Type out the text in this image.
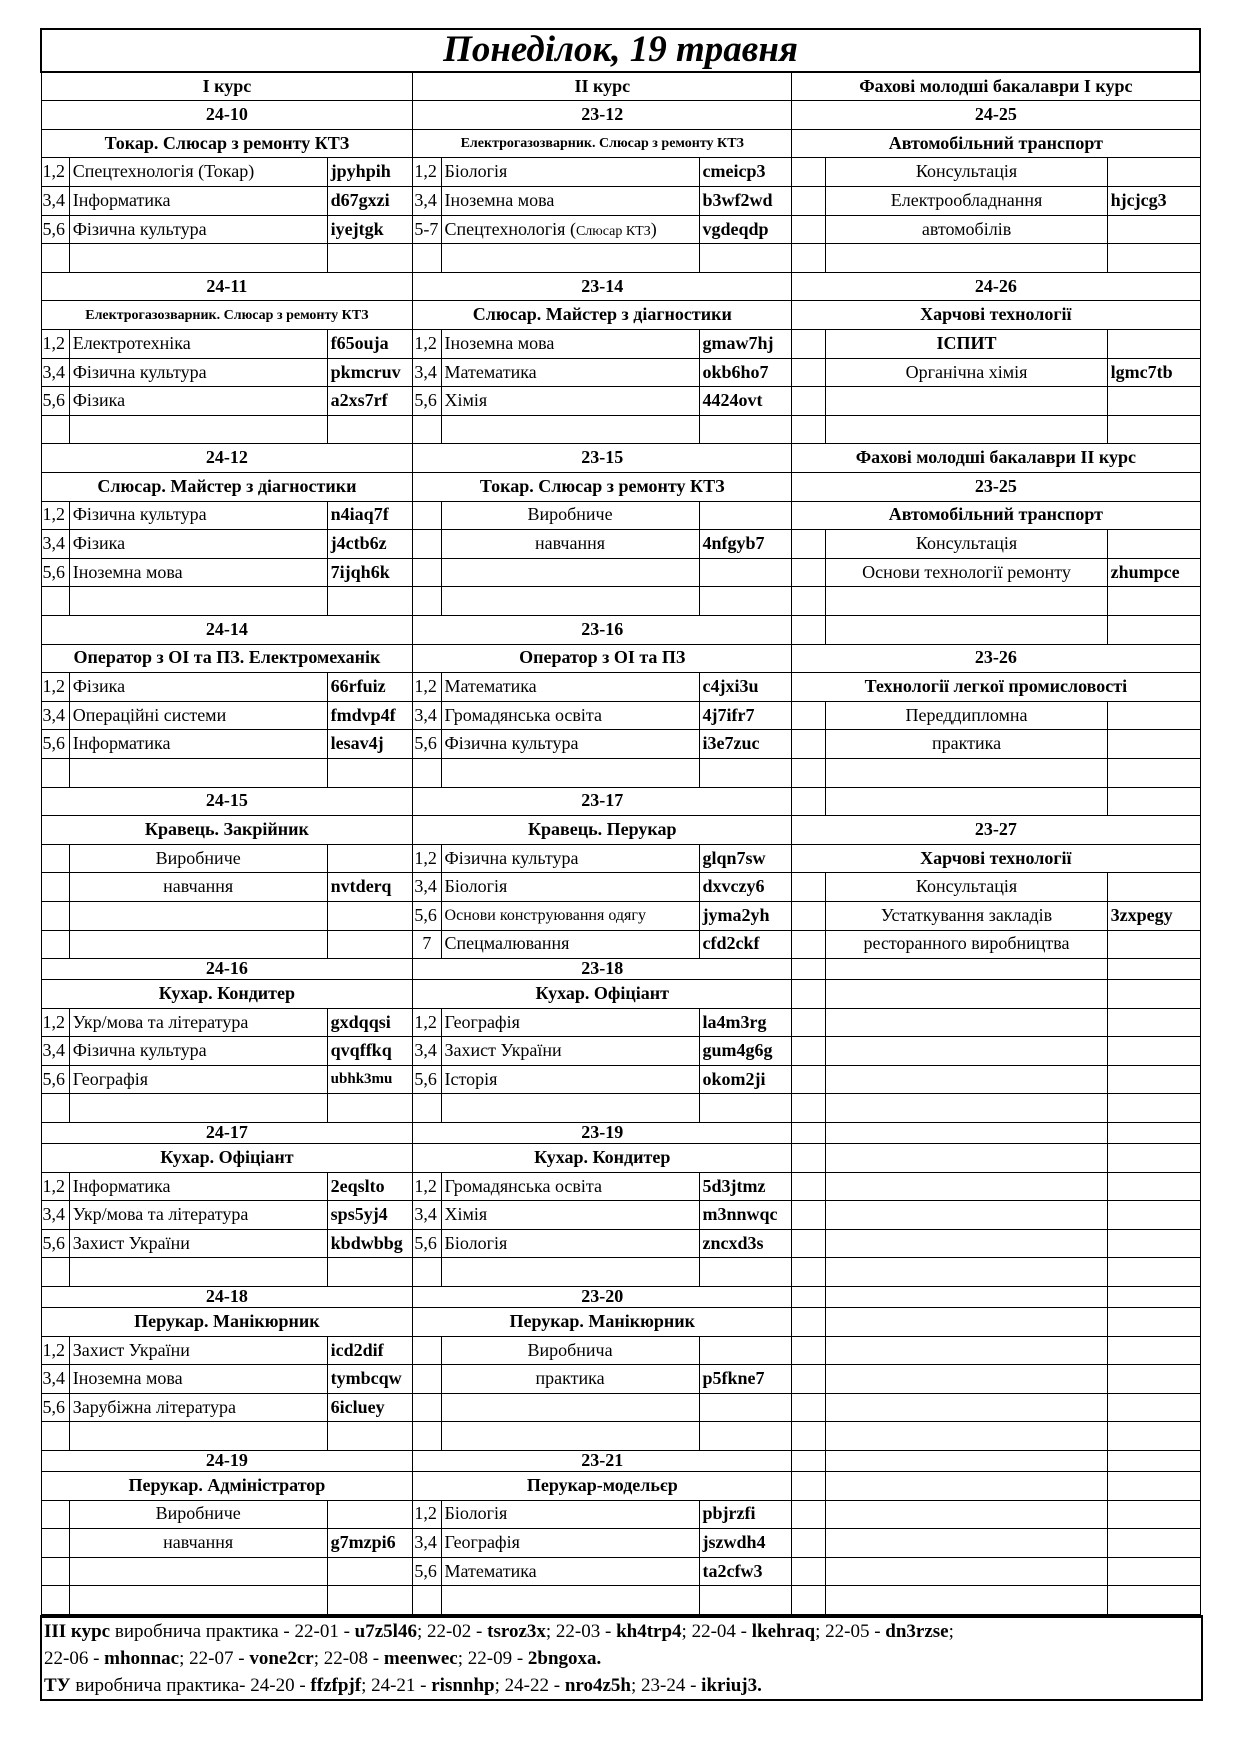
Понеділок, 19 травня								
І курс			ІІ курс			Фахові молодші бакалаври І курс		
24-10			23-12			24-25		
Токар. Слюсар з ремонту КТЗ			Електрогазозварник. Слюсар з ремонту КТЗ			Автомобільний транспорт		
1,2	Спецтехнологія (Токар)	jpyhpih	1,2	Біологія	cmeicp3		Консультація	
3,4	Інформатика	d67gxzi	3,4	Іноземна мова	b3wf2wd		Електрообладнання	hjcjcg3
5,6	Фізична культура	iyejtgk	5-7	Спецтехнологія (Слюсар КТЗ)	vgdeqdp		автомобілів	

24-11			23-14			24-26		
Електрогазозварник. Слюсар з ремонту КТЗ			Слюсар. Майстер з діагностики			Харчові технології		
1,2	Електротехніка	f65ouja	1,2	Іноземна мова	gmaw7hj		ІСПИТ	
3,4	Фізична культура	pkmcruv	3,4	Математика	okb6ho7		Органічна хімія	lgmc7tb
5,6	Фізика	a2xs7rf	5,6	Хімія	4424ovt			

24-12			23-15			Фахові молодші бакалаври ІІ курс		
Слюсар. Майстер з діагностики			Токар. Слюсар з ремонту КТЗ			23-25		
1,2	Фізична культура	n4iaq7f		Виробниче		Автомобільний транспорт		
3,4	Фізика	j4ctb6z		навчання	4nfgyb7		Консультація	
5,6	Іноземна мова	7ijqh6k					Основи технології ремонту	zhumpce

24-14			23-16					
Оператор з ОІ та ПЗ. Електромеханік			Оператор з ОІ та ПЗ			23-26		
1,2	Фізика	66rfuiz	1,2	Математика	c4jxi3u	Технології легкої промисловості		
3,4	Операційні системи	fmdvp4f	3,4	Громадянська освіта	4j7ifr7		Переддипломна	
5,6	Інформатика	lesav4j	5,6	Фізична культура	i3e7zuc		практика	

24-15			23-17					
Кравець. Закрійник			Кравець. Перукар			23-27		
	Виробниче		1,2	Фізична культура	glqn7sw	Харчові технології		
	навчання	nvtderq	3,4	Біологія	dxvczy6		Консультація	
			5,6	Основи конструювання одягу	jyma2yh		Устаткування закладів	3zxpegy
			7	Спецмалювання	cfd2ckf		ресторанного виробництва	
24-16			23-18					
Кухар. Кондитер			Кухар. Офіціант					
1,2	Укр/мова та література	gxdqqsi	1,2	Географія	la4m3rg			
3,4	Фізична культура	qvqffkq	3,4	Захист України	gum4g6g			
5,6	Географія	ubhk3mu	5,6	Історія	okom2ji			

24-17			23-19					
Кухар. Офіціант			Кухар. Кондитер					
1,2	Інформатика	2eqslto	1,2	Громадянська освіта	5d3jtmz			
3,4	Укр/мова та література	sps5yj4	3,4	Хімія	m3nnwqc			
5,6	Захист України	kbdwbbg	5,6	Біологія	zncxd3s			

24-18			23-20					
Перукар. Манікюрник			Перукар. Манікюрник					
1,2	Захист України	icd2dif		Виробнича				
3,4	Іноземна мова	tymbcqw		практика	p5fkne7			
5,6	Зарубіжна література	6icluey						

24-19			23-21					
Перукар. Адміністратор			Перукар-модельєр					
	Виробниче		1,2	Біологія	pbjrzfi			
	навчання	g7mzpi6	3,4	Географія	jszwdh4			
			5,6	Математика	ta2cfw3			

ІІІ курс виробнича практика - 22-01 - u7z5l46; 22-02 - tsroz3x; 22-03 - kh4trp4; 22-04 - lkehraq; 22-05 - dn3rzse;
22-06 - mhonnac; 22-07 - vone2cr; 22-08 - meenwec; 22-09 - 2bngoxa.
ТУ виробнича практика- 24-20 - ffzfpjf; 24-21 - risnnhp; 24-22 - nro4z5h; 23-24 - ikriuj3.
